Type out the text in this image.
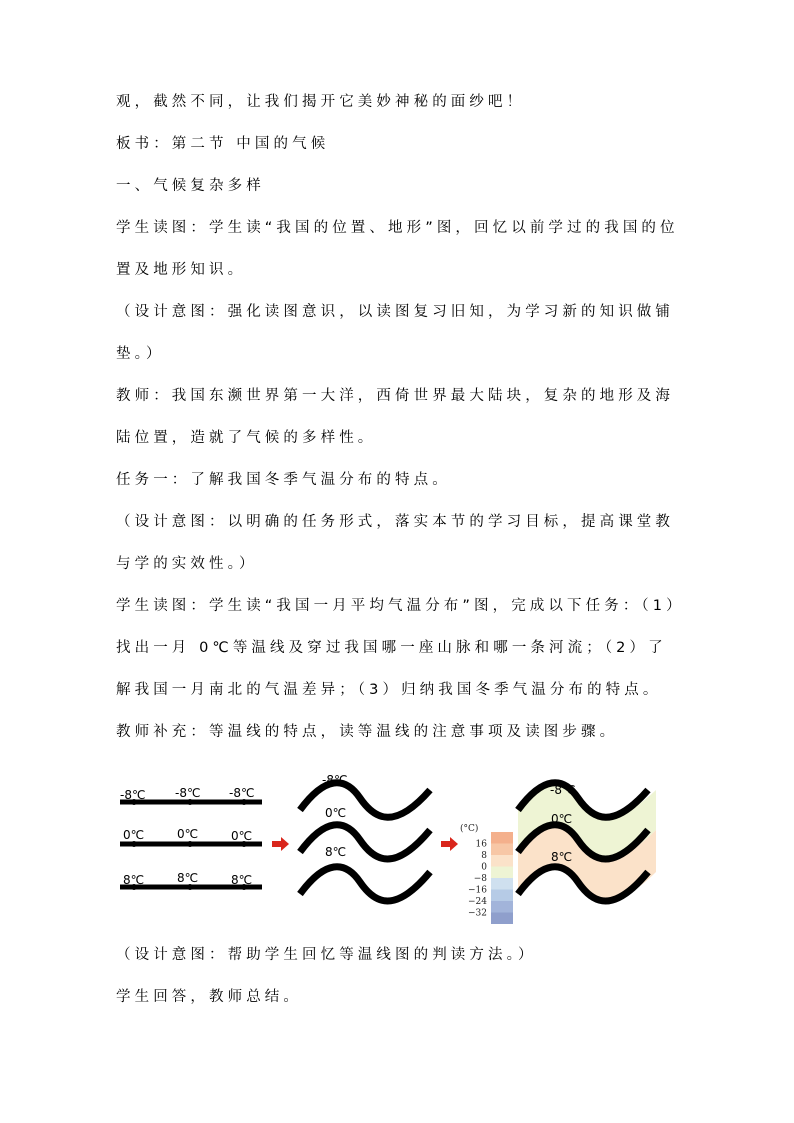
观，截然不同，让我们揭开它美妙神秘的面纱吧！

板书：第二节 中国的气候

一、气候复杂多样

学生读图：学生读“我国的位置、地形”图，回忆以前学过的我国的位置及地形知识。

（设计意图：强化读图意识，以读图复习旧知，为学习新的知识做铺垫。）

教师：我国东濒世界第一大洋，西倚世界最大陆块，复杂的地形及海陆位置，造就了气候的多样性。

任务一：了解我国冬季气温分布的特点。

（设计意图：以明确的任务形式，落实本节的学习目标，提高课堂教与学的实效性。）

学生读图：学生读“我国一月平均气温分布”图，完成以下任务：（1）找出一月 0℃等温线及穿过我国哪一座山脉和哪一条河流；（2）了解我国一月南北的气温差异；（3）归纳我国冬季气温分布的特点。

教师补充：等温线的特点，读等温线的注意事项及读图步骤。

-8℃ -8℃ -8℃
0℃	0℃	0℃
8℃	8℃	8℃
-8℃
0℃
8℃
(°C)
16
8
0
−8
−16
−24
−32
-8℃
0℃
8℃

（设计意图：帮助学生回忆等温线图的判读方法。）

学生回答，教师总结。
